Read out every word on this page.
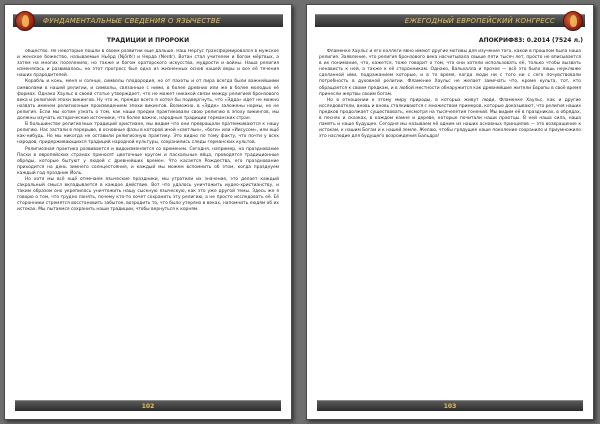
ФУНДАМЕНТАЛЬНЫЕ СВЕДЕНИЯ О ЯЗЫЧЕСТВЕ
ТРАДИЦИИ И ПРОРОКИ

общество. Не некоторые пошли в своём развитии ещё дальше. Наш Нергус трансформировался в мужское и женское божество, называемые Ньёрд (Njörðr) и Нерда (Nerdr). Вотан стал учителем и богом мёртвых, а затем на многих поселениях, но также и богом ораторского искусства, мудрости и войны. Наша религия изменялась и развивалась, но этот прогресс был одна из жизненных основ нашей веры и все её течения наших прародителей.

Корабль и конь, меня и солнце, символы плодородия, но от пахоты и от пира всегда были важнейшими символами в нашей религии, и символы, связанные с ними, в более древних или же в более молодых её формах. Однако Хаульс в своей статье утверждает, что не может никакой связи между религией бронзового века и религией эпохи викингов. Ну что ж, прежде всего я хотел бы подвергнуть, что «Эдда» идет не можно назвать именем религиозным произведением эпохи викингов. Возможно, в «Эдде» заложены нормы, но не религия. Если мы хотим узнать о том, как наши предки практиковали свою религию в эпоху викингов, мы должны изучать исторические источники, что более важно, народные традиции германских стран.

В большинстве религиозных традиций христиане, мы видим что они превращали пратемкиваются к нашу религию. Нас застали в перерыве, в основные фазы в которой иной «светлые», «боги» или «Иисусом», или ещё как-нибудь. Но мы никогда не оставили религиозную практику. Это видно по тому факту, что почти у всех народов, придерживающихся традиций народной культуры, сохранились следы германских культов.

Религиозная практика развивается и видоизменяется со временем. Сегодня, например, на празднование Пасхи в европейских странах приносят цветочные кругом и пасхальные яйца, проводятся традиционные обряды, которые бытуют у людей с древнейших времен. Что касается Рождества, его празднование приходится на день зимнего солнцестояния, и каждый мы можем вспомнить об этом, когда празднуем каждый год праздник Йоль.

Но хотя мы всё ещё отмечаем языческие праздники, мы утратили их значение, это делает каждый сакральный смысл вкладывается в каждое действие. Вот что удалось уничтожить иудео-христианству, и таким образом оно укрепилось уничтожить нашу сыскную языческую, как это уже другой темы. Здесь же я говорю о том, что трудно понять, почему кто-то хочет сохранить эту религию, а не просто исследовать её. Её сторонники стремятся восстановить забытое, возродить то, что было утеряно в веках, напомнить людям об их истоках. Мы пытаемся сохранить наши традиции, чтобы вернуться к корням.

102
ЕЖЕГОДНЫЙ ЕВРОПЕЙСКИЙ КОНГРЕСС
АПОКРИФ83: 0.2014 (7524 л.)

Фламенке Хаульс и его коллеги явно имеют другие мотивы для изучения того, какой в прошлом была наша религия. Заявление, что религия бронзового века насчитывала свыше пяти тысяч лет, просто не вписывается в их понимание, что, кажется, тоже говорит о том, что они хотели использовать её, только чтобы вызвать ненависть к ней, а также к её сторонникам. Однако, Вальхалла и прочее — всё это было лишь неуклюже сделанной ими, подражанием которые, и в то время, когда люди ни с того ни с сего почувствовали потребность в духовной религии. Фламенке Хаульс не желает замечать что, кроме культа, тот, кто обращается к своим предкам, и в любой местности обнаружится как древнейшие жители Европы в своё время принесли жертвы своим богам.

Но в отношении к этому миру природы, в которых живут люди, Фламенке Хаульс, как и другие исследователи, вновь и вновь сталкиваются с множеством примеров, которые доказывают, что религия наших предков продолжает существовать, несмотря на тысячелетия гонений. Мы видим её в праздниках, в обрядах, в песнях и сказках, в каждом камне и дереве, которые почитали наши праотцы. В ней наша сила, наша память и наше будущее. Сегодня мы называем её одним из наших основных принципов — это возвращение к истокам, к нашим Богам и к нашей земле. Желаю, чтобы грядущее наше поколение сохранило и приумножило это наследие для будущего возрождения Бальдра!

103
